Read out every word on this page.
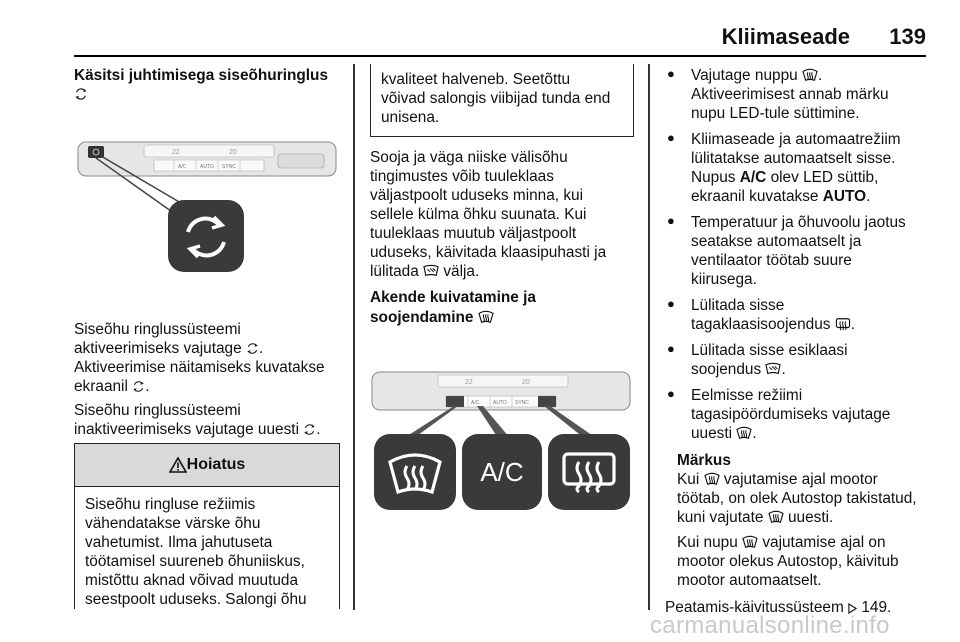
Kliimaseade	139

Käsitsi juhtimisega siseõhuringlus

22	20
A/C	AUTO SYNC

Siseõhu ringlussüsteemi

aktiveerimiseks vajutage .

Aktiveerimise näitamiseks kuvatakse

ekraanil .

Siseõhu ringlussüsteemi

inaktiveerimiseks vajutage uuesti .

Hoiatus

Siseõhu ringluse režiimis

vähendatakse värske õhu

vahetumist. Ilma jahutuseta

töötamisel suureneb õhuniiskus,

mistõttu aknad võivad muutuda

seestpoolt uduseks. Salongi õhu

kvaliteet halveneb. Seetõttu

võivad salongis viibijad tunda end

unisena.

Sooja ja väga niiske välisõhu

tingimustes võib tuuleklaas

väljastpoolt uduseks minna, kui

sellele külma õhku suunata. Kui

tuuleklaas muutub väljastpoolt

uduseks, käivitada klaasipuhasti ja

lülitada välja.

Akende kuivatamine ja

soojendamine

22	20
A/C	AUTO SYNC
A/C

● Vajutage nuppu .

Aktiveerimisest annab märku

nupu LED-tule süttimine.

● Kliimaseade ja automaatrežiim

lülitatakse automaatselt sisse.

Nupus A/C olev LED süttib,

ekraanil kuvatakse AUTO.

● Temperatuur ja õhuvoolu jaotus

seatakse automaatselt ja

ventilaator töötab suure

kiirusega.

● Lülitada sisse

tagaklaasisoojendus .

● Lülitada sisse esiklaasi

soojendus .

● Eelmisse režiimi

tagasipöördumiseks vajutage

uuesti .

Märkus

Kui vajutamise ajal mootor

töötab, on olek Autostop takistatud,

kuni vajutate uuesti.

Kui nupu vajutamise ajal on

mootor olekus Autostop, käivitub

mootor automaatselt.

Peatamis-käivitussüsteem 149.

carmanualsonline.info
